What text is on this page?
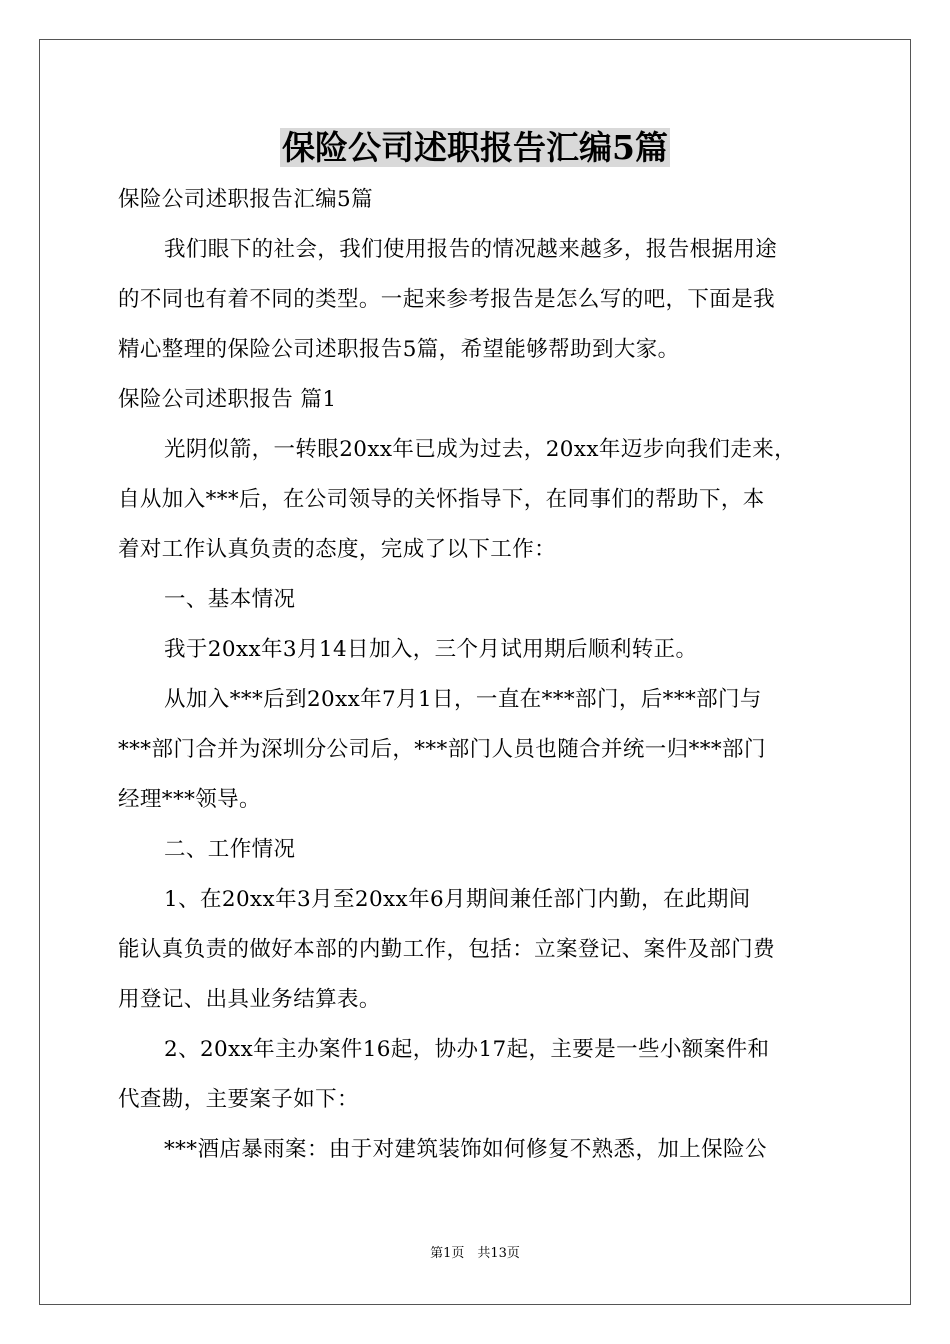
保险公司述职报告汇编5篇
保险公司述职报告汇编5篇
我们眼下的社会，我们使用报告的情况越来越多，报告根据用途
的不同也有着不同的类型。一起来参考报告是怎么写的吧，下面是我
精心整理的保险公司述职报告5篇，希望能够帮助到大家。
保险公司述职报告 篇1
光阴似箭，一转眼20xx年已成为过去，20xx年迈步向我们走来，
自从加入***后，在公司领导的关怀指导下，在同事们的帮助下，本
着对工作认真负责的态度，完成了以下工作：
一、基本情况
我于20xx年3月14日加入，三个月试用期后顺利转正。
从加入***后到20xx年7月1日，一直在***部门，后***部门与
***部门合并为深圳分公司后，***部门人员也随合并统一归***部门
经理***领导。
二、工作情况
1、在20xx年3月至20xx年6月期间兼任部门内勤，在此期间
能认真负责的做好本部的内勤工作，包括：立案登记、案件及部门费
用登记、出具业务结算表。
2、20xx年主办案件16起，协办17起，主要是一些小额案件和
代查勘，主要案子如下：
***酒店暴雨案：由于对建筑装饰如何修复不熟悉，加上保险公
第1页　共13页
